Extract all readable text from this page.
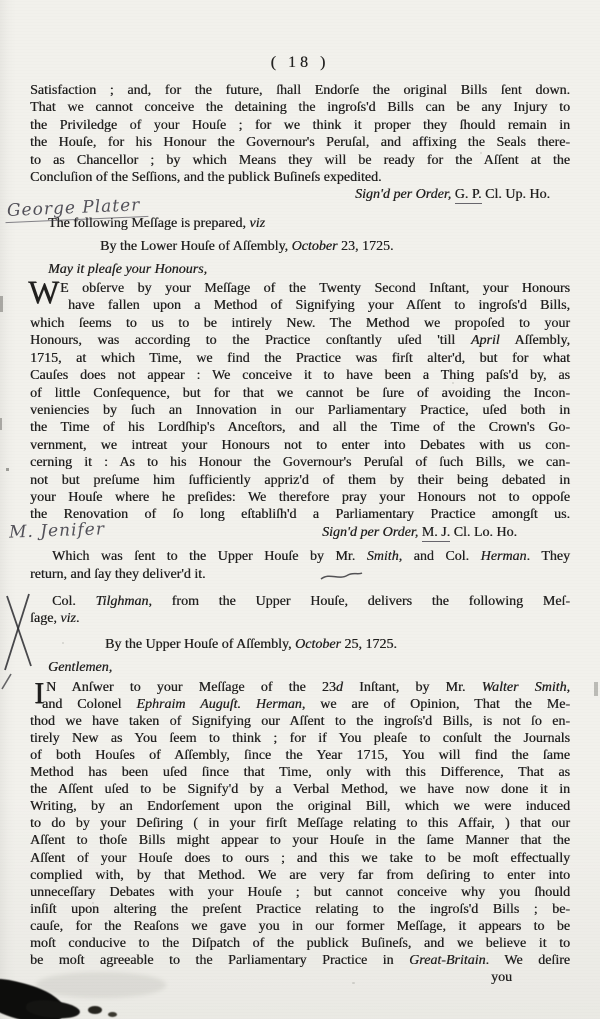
( 18 )
Satisfaction ; and, for the future, ſhall Endorſe the original Bills ſent down.
That we cannot conceive the detaining the ingroſs'd Bills can be any Injury to
the Priviledge of your Houſe ; for we think it proper they ſhould remain in
the Houſe, for his Honour the Governour's Peruſal, and affixing the Seals there-
to as Chancellor ; by which Means they will be ready for the Aſſent at the
Concluſion of the Seſſions, and the publick Buſineſs expedited.
Sign'd per Order, G. P. Cl. Up. Ho.
The following Meſſage is prepared, viz
By the Lower Houſe of Aſſembly, October 23, 1725.
May it pleaſe your Honours,
W E obſerve by your Meſſage of the Twenty Second Inſtant, your Honours
have fallen upon a Method of Signifying your Aſſent to ingroſs'd Bills,
which ſeems to us to be intirely New. The Method we propoſed to your
Honours, was according to the Practice conſtantly uſed 'till April Aſſembly,
1715, at which Time, we find the Practice was firſt alter'd, but for what
Cauſes does not appear : We conceive it to have been a Thing paſs'd by, as
of little Conſequence, but for that we cannot be ſure of avoiding the Incon-
veniencies by ſuch an Innovation in our Parliamentary Practice, uſed both in
the Time of his Lordſhip's Anceſtors, and all the Time of the Crown's Go-
vernment, we intreat your Honours not to enter into Debates with us con-
cerning it : As to his Honour the Governour's Peruſal of ſuch Bills, we can-
not but preſume him ſufficiently appriz'd of them by their being debated in
your Houſe where he preſides: We therefore pray your Honours not to oppoſe
the Renovation of ſo long eſtabliſh'd a Parliamentary Practice amongſt us.
Sign'd per Order, M. J. Cl. Lo. Ho.
Which was ſent to the Upper Houſe by Mr. Smith, and Col. Herman. They
return, and ſay they deliver'd it.
Col. Tilghman, from the Upper Houſe, delivers the following Meſ-
ſage, viz.
By the Upper Houſe of Aſſembly, October 25, 1725.
Gentlemen,
I N Anſwer to your Meſſage of the 23d Inſtant, by Mr. Walter Smith,
and Colonel Ephraim Auguſt. Herman, we are of Opinion, That the Me-
thod we have taken of Signifying our Aſſent to the ingroſs'd Bills, is not ſo en-
tirely New as You ſeem to think ; for if You pleaſe to conſult the Journals
of both Houſes of Aſſembly, ſince the Year 1715, You will find the ſame
Method has been uſed ſince that Time, only with this Difference, That as
the Aſſent uſed to be Signify'd by a Verbal Method, we have now done it in
Writing, by an Endorſement upon the original Bill, which we were induced
to do by your Deſiring ( in your firſt Meſſage relating to this Affair, ) that our
Aſſent to thoſe Bills might appear to your Houſe in the ſame Manner that the
Aſſent of your Houſe does to ours ; and this we take to be moſt effectually
complied with, by that Method. We are very far from deſiring to enter into
unneceſſary Debates with your Houſe ; but cannot conceive why you ſhould
inſiſt upon altering the preſent Practice relating to the ingroſs'd Bills ; be-
cauſe, for the Reaſons we gave you in our former Meſſage, it appears to be
moſt conducive to the Diſpatch of the publick Buſineſs, and we believe it to
be moſt agreeable to the Parliamentary Practice in Great-Britain. We deſire
you
George Plater
M. Jenifer
